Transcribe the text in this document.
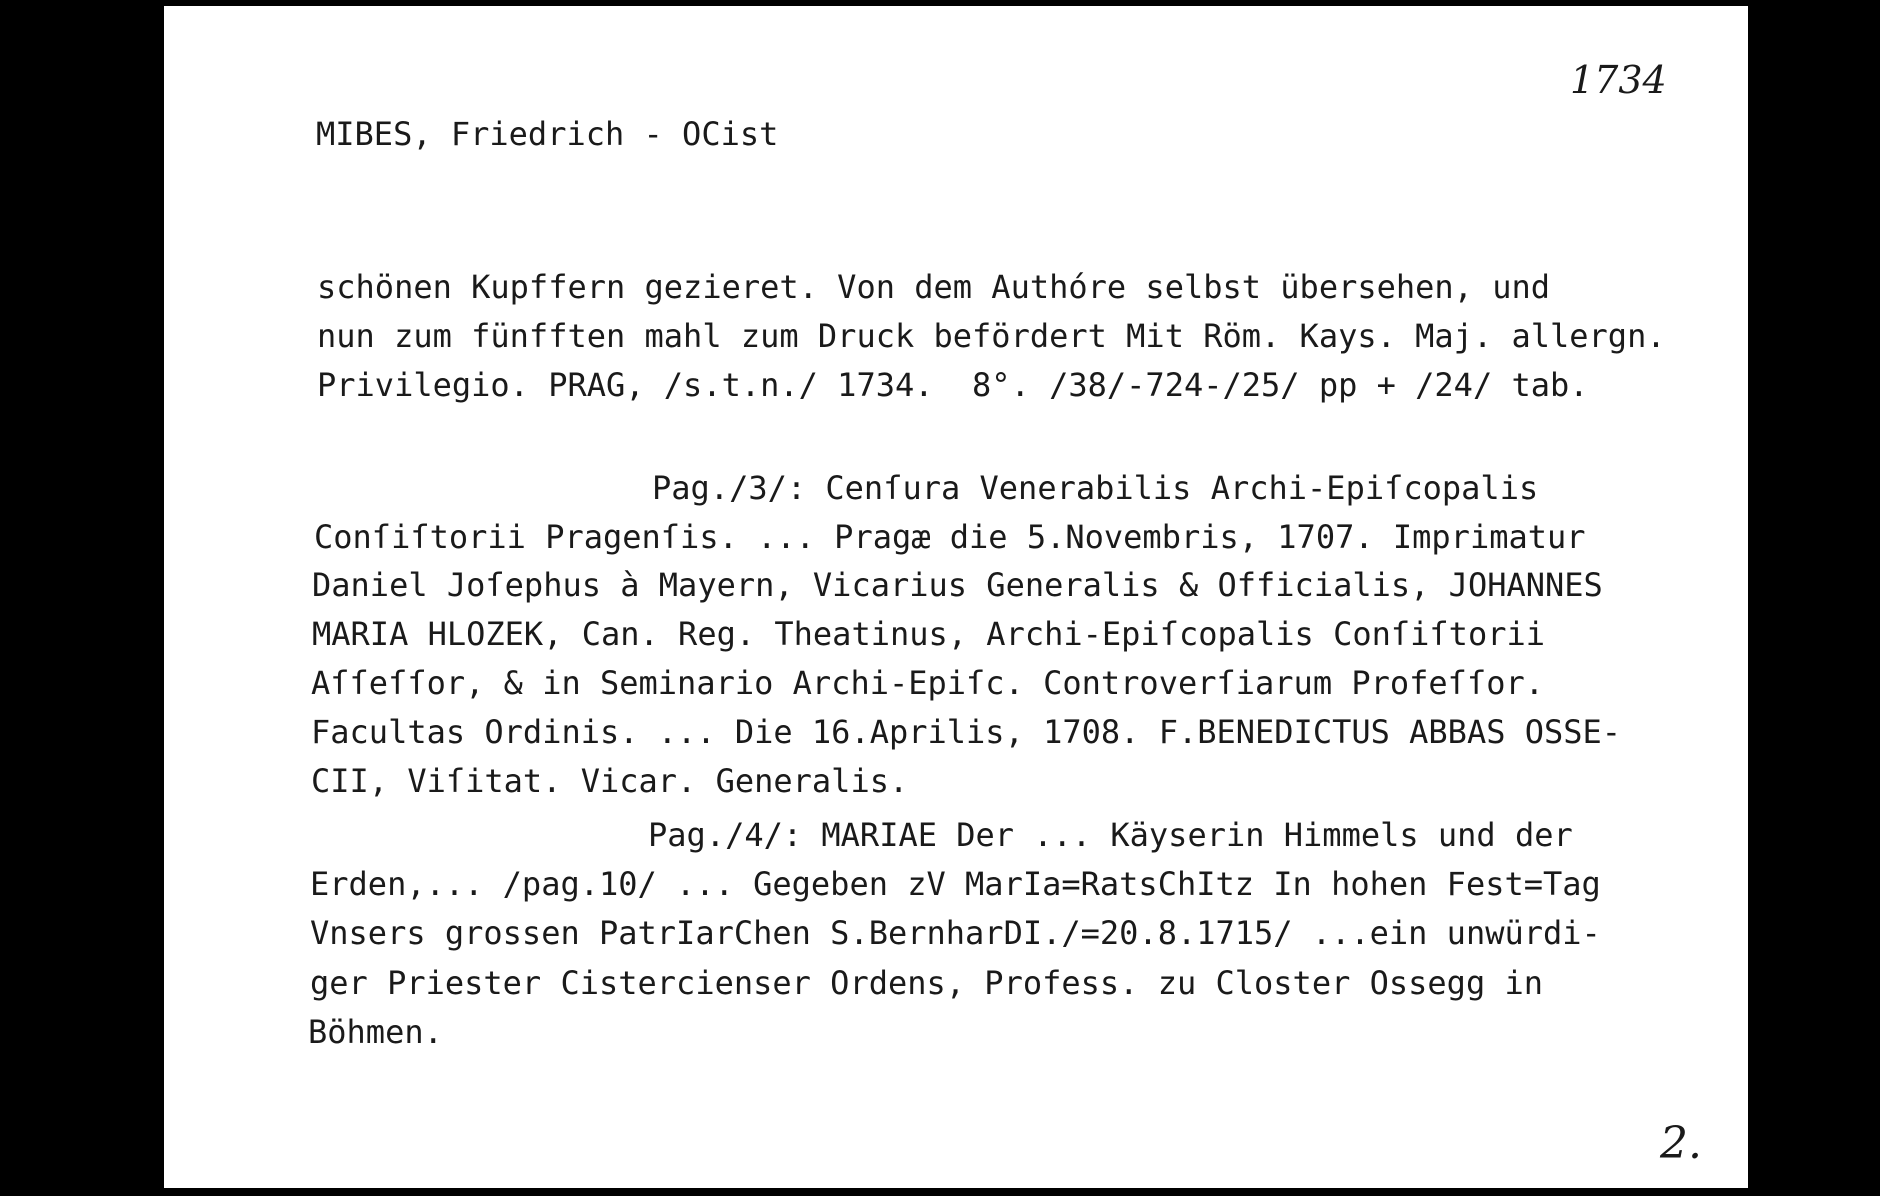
1734
MIBES, Friedrich - OCist
schönen Kupffern gezieret. Von dem Authóre selbst übersehen, und
nun zum fünfften mahl zum Druck befördert Mit Röm. Kays. Maj. allergn.
Privilegio. PRAG, /s.t.n./ 1734.  8°. /38/-724-/25/ pp + /24/ tab.
Pag./3/: Cenſura Venerabilis Archi-Epiſcopalis
Conſiſtorii Pragenſis. ... Pragæ die 5.Novembris, 1707. Imprimatur
Daniel Joſephus à Mayern, Vicarius Generalis & Officialis, JOHANNES
MARIA HLOZEK, Can. Reg. Theatinus, Archi-Epiſcopalis Conſiſtorii
Aſſeſſor, & in Seminario Archi-Epiſc. Controverſiarum Profeſſor.
Facultas Ordinis. ... Die 16.Aprilis, 1708. F.BENEDICTUS ABBAS OSSE-
CII, Viſitat. Vicar. Generalis.
Pag./4/: MARIAE Der ... Käyserin Himmels und der
Erden,... /pag.10/ ... Gegeben zV MarIa=RatsChItz In hohen Fest=Tag
Vnsers grossen PatrIarChen S.BernharDI./=20.8.1715/ ...ein unwürdi-
ger Priester Cistercienser Ordens, Profess. zu Closter Ossegg in
Böhmen.
2.
